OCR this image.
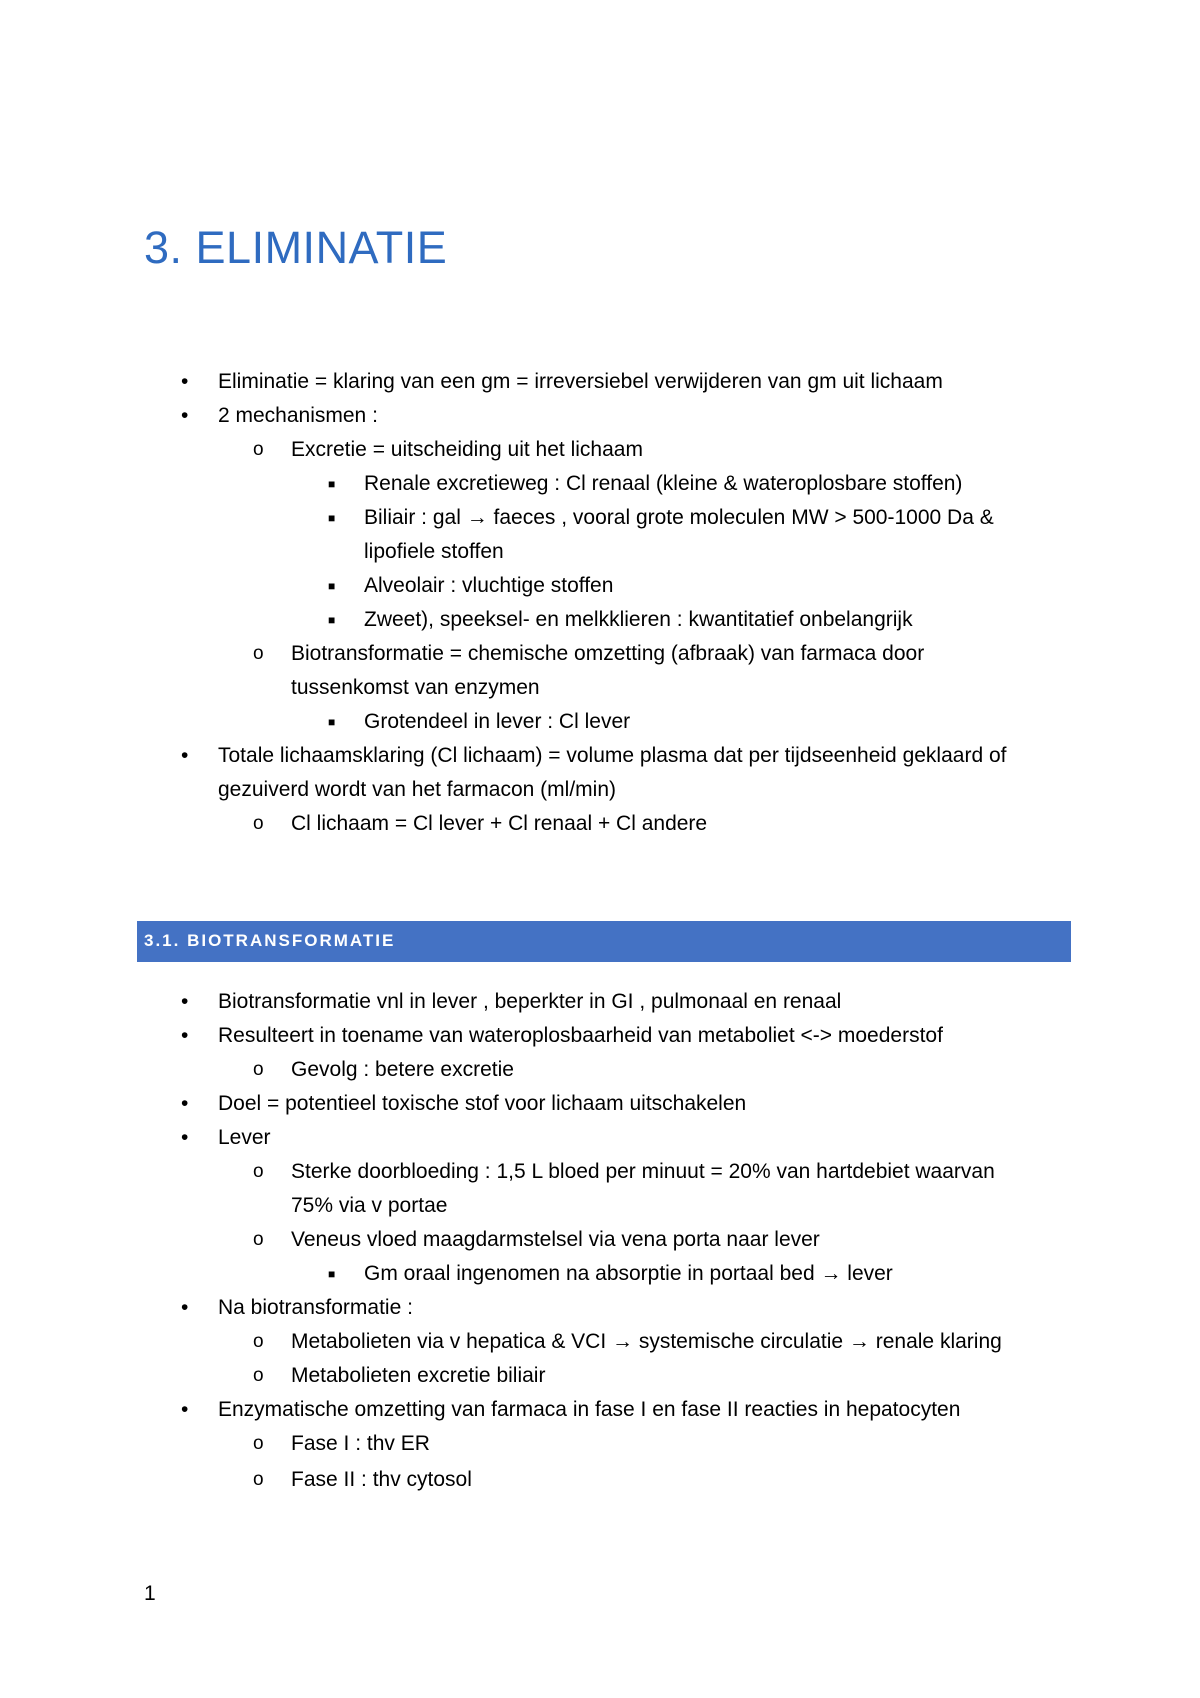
3. ELIMINATIE
• Eliminatie = klaring van een gm = irreversiebel verwijderen van gm uit lichaam
• 2 mechanismen :
o Excretie = uitscheiding uit het lichaam
■ Renale excretieweg : Cl renaal (kleine & wateroplosbare stoffen)
■ Biliair : gal → faeces , vooral grote moleculen MW > 500-1000 Da &
lipofiele stoffen
■ Alveolair : vluchtige stoffen
■ Zweet), speeksel- en melkklieren : kwantitatief onbelangrijk
o Biotransformatie = chemische omzetting (afbraak) van farmaca door
tussenkomst van enzymen
■ Grotendeel in lever : Cl lever
• Totale lichaamsklaring (Cl lichaam) = volume plasma dat per tijdseenheid geklaard of
gezuiverd wordt van het farmacon (ml/min)
o Cl lichaam = Cl lever + Cl renaal + Cl andere
3.1. BIOTRANSFORMATIE
• Biotransformatie vnl in lever , beperkter in GI , pulmonaal en renaal
• Resulteert in toename van wateroplosbaarheid van metaboliet <-> moederstof
o Gevolg : betere excretie
• Doel = potentieel toxische stof voor lichaam uitschakelen
• Lever
o Sterke doorbloeding : 1,5 L bloed per minuut = 20% van hartdebiet waarvan
75% via v portae
o Veneus vloed maagdarmstelsel via vena porta naar lever
■ Gm oraal ingenomen na absorptie in portaal bed → lever
• Na biotransformatie :
o Metabolieten via v hepatica & VCI → systemische circulatie → renale klaring
o Metabolieten excretie biliair
• Enzymatische omzetting van farmaca in fase I en fase II reacties in hepatocyten
o Fase I : thv ER
o Fase II : thv cytosol
1
